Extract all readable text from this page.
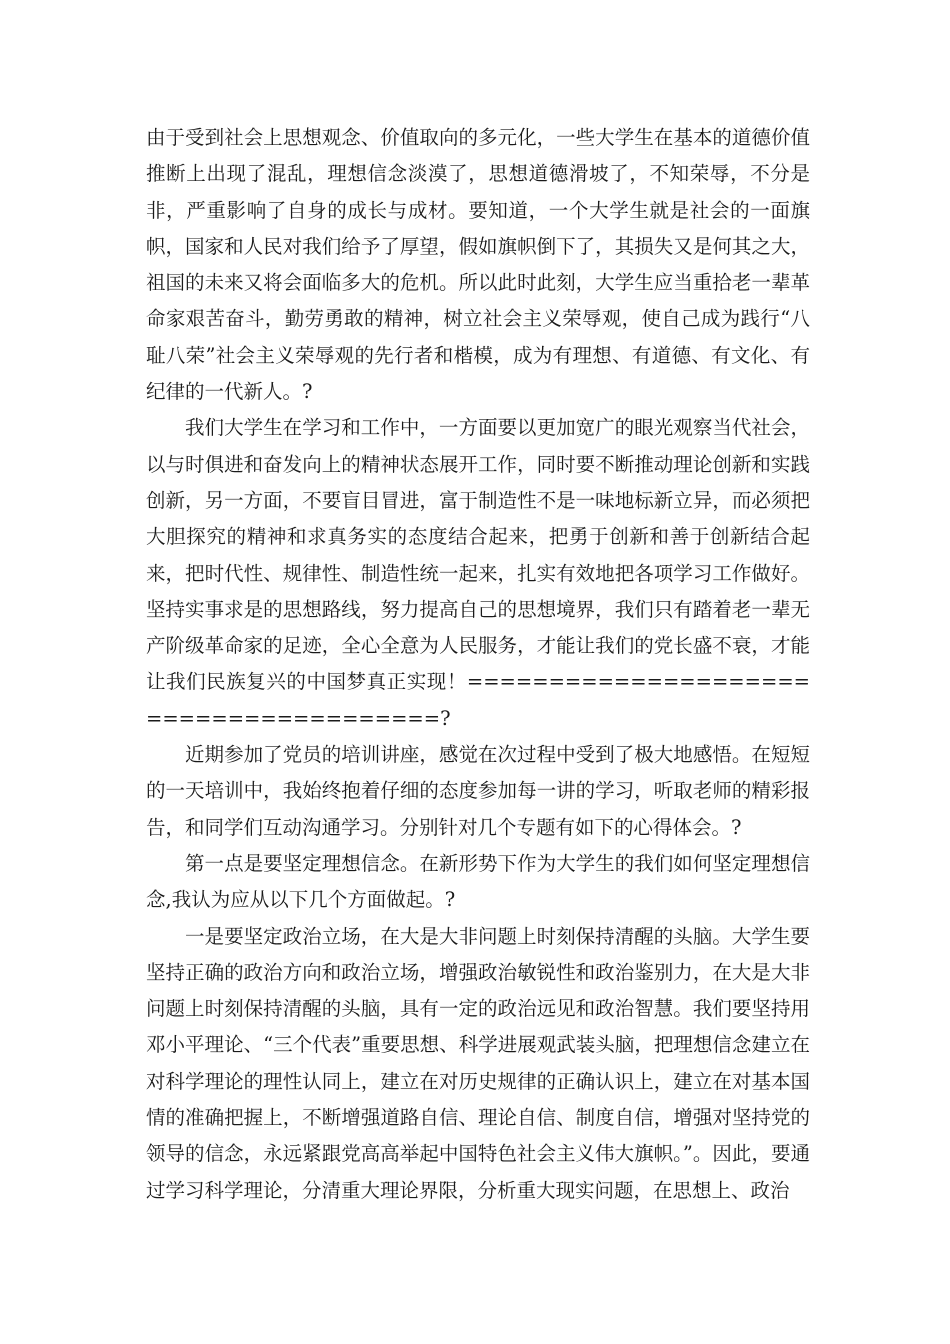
由于受到社会上思想观念、价值取向的多元化，一些大学生在基本的道德价值推断上出现了混乱，理想信念淡漠了，思想道德滑坡了，不知荣辱，不分是非，严重影响了自身的成长与成材。要知道，一个大学生就是社会的一面旗帜，国家和人民对我们给予了厚望，假如旗帜倒下了，其损失又是何其之大，祖国的未来又将会面临多大的危机。所以此时此刻，大学生应当重拾老一辈革命家艰苦奋斗，勤劳勇敢的精神，树立社会主义荣辱观，使自己成为践行“八耻八荣”社会主义荣辱观的先行者和楷模，成为有理想、有道德、有文化、有纪律的一代新人。?

我们大学生在学习和工作中，一方面要以更加宽广的眼光观察当代社会，以与时俱进和奋发向上的精神状态展开工作，同时要不断推动理论创新和实践创新，另一方面，不要盲目冒进，富于制造性不是一味地标新立异，而必须把大胆探究的精神和求真务实的态度结合起来，把勇于创新和善于创新结合起来，把时代性、规律性、制造性统一起来，扎实有效地把各项学习工作做好。坚持实事求是的思想路线，努力提高自己的思想境界，我们只有踏着老一辈无产阶级革命家的足迹，全心全意为人民服务，才能让我们的党长盛不衰，才能让我们民族复兴的中国梦真正实现！=======================================?

近期参加了党员的培训讲座，感觉在次过程中受到了极大地感悟。在短短的一天培训中，我始终抱着仔细的态度参加每一讲的学习，听取老师的精彩报告，和同学们互动沟通学习。分别针对几个专题有如下的心得体会。?

第一点是要坚定理想信念。在新形势下作为大学生的我们如何坚定理想信念,我认为应从以下几个方面做起。?

一是要坚定政治立场，在大是大非问题上时刻保持清醒的头脑。大学生要坚持正确的政治方向和政治立场，增强政治敏锐性和政治鉴别力，在大是大非问题上时刻保持清醒的头脑，具有一定的政治远见和政治智慧。我们要坚持用邓小平理论、“三个代表”重要思想、科学进展观武装头脑，把理想信念建立在对科学理论的理性认同上，建立在对历史规律的正确认识上，建立在对基本国情的准确把握上，不断增强道路自信、理论自信、制度自信，增强对坚持党的领导的信念，永远紧跟党高高举起中国特色社会主义伟大旗帜。”。因此，要通过学习科学理论，分清重大理论界限，分析重大现实问题，在思想上、政治
